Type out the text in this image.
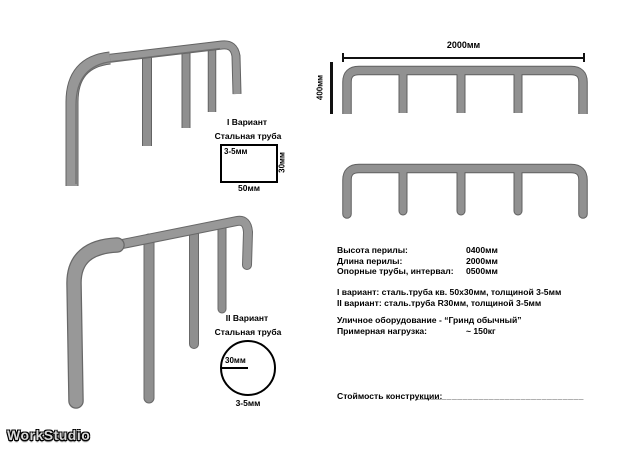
I Вариант
Стальная труба
3-5мм
30мм
50мм
II Вариант
Стальная труба
30мм
3-5мм
2000мм
400мм
Высота перилы:	0400мм
Длина перилы:	2000мм
Опорные трубы, интервал: 0500мм
I вариант: сталь.труба кв. 50х30мм, толщиной 3-5мм
II вариант: сталь.труба R30мм, толщиной 3-5мм
Уличное оборудование - “Гринд обычный”
Примерная нагрузка:	~ 150кг
Стоймость конструкции:
________________________________
WorkStudio
